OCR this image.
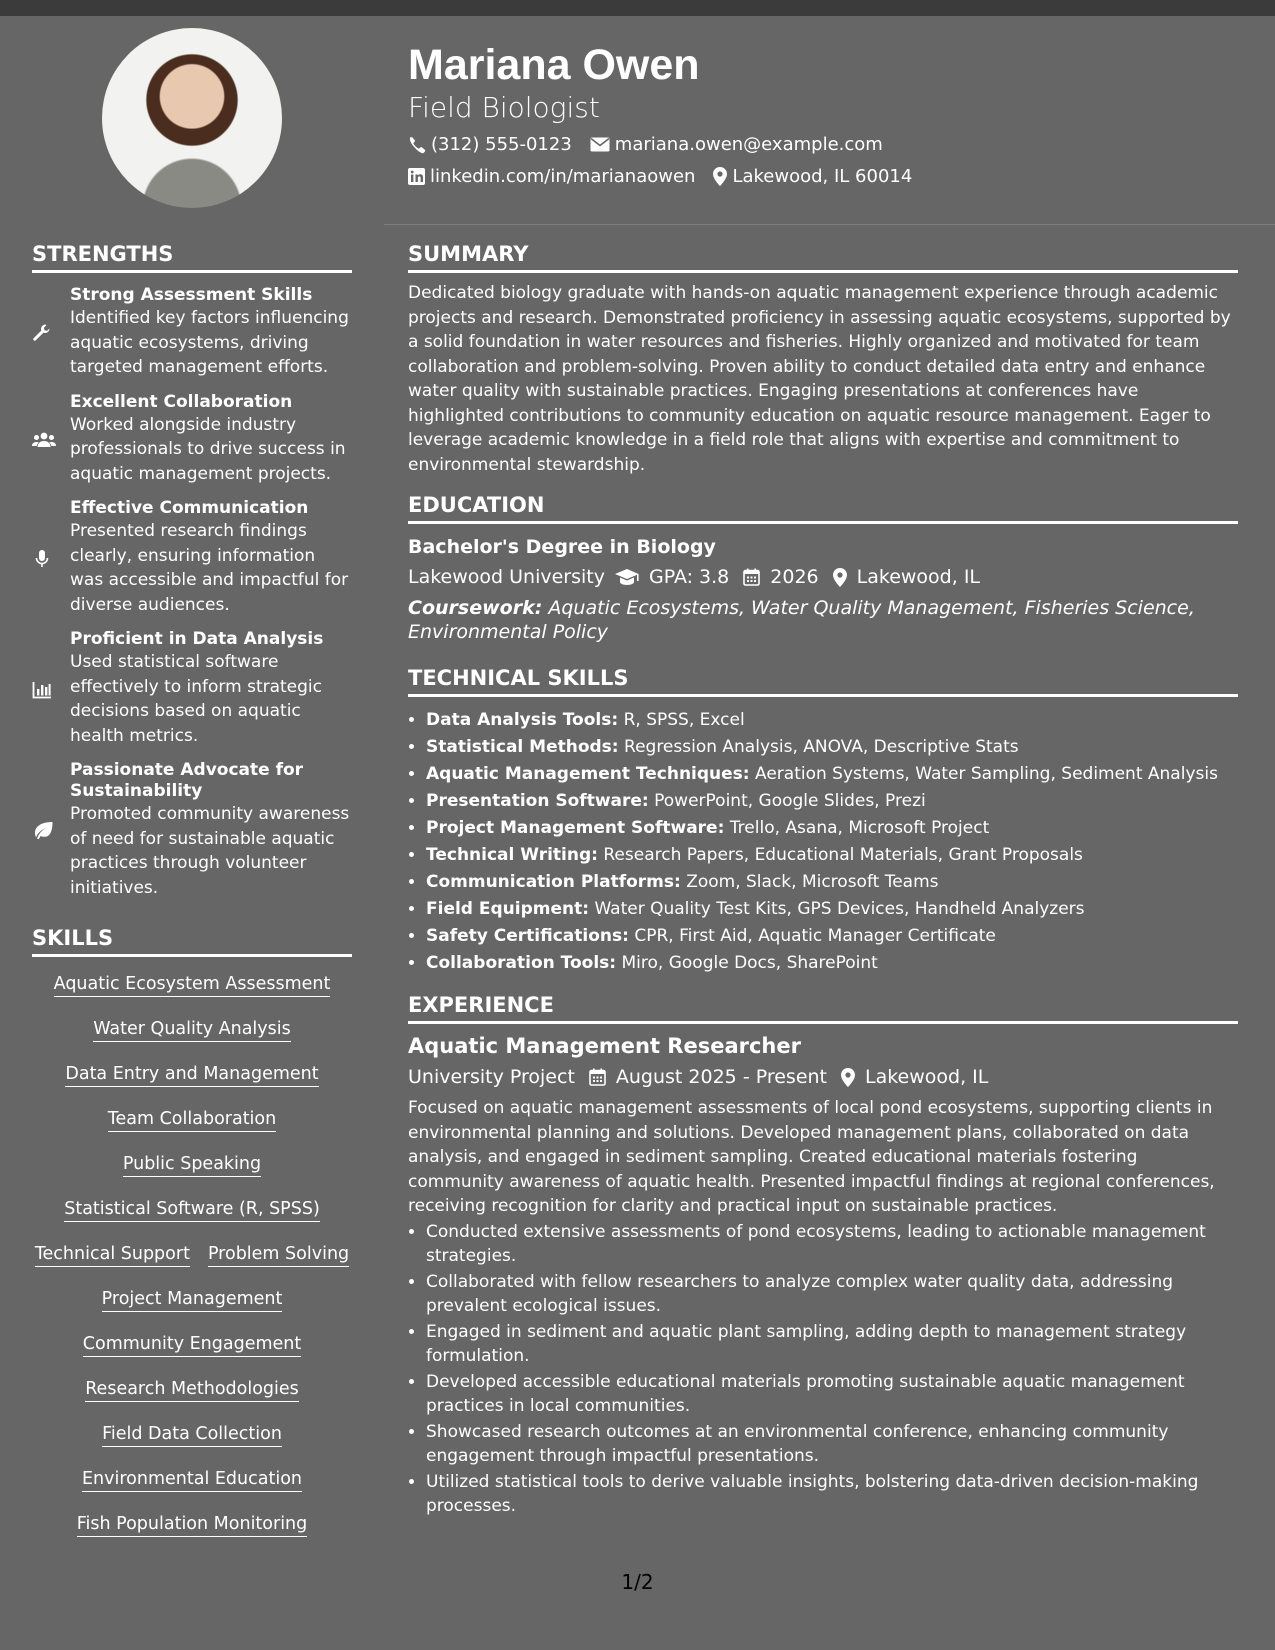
STRENGTHS
Strong Assessment Skills
Identified key factors influencing aquatic ecosystems, driving targeted management efforts.
Excellent Collaboration
Worked alongside industry professionals to drive success in aquatic management projects.
Effective Communication
Presented research findings clearly, ensuring information was accessible and impactful for diverse audiences.
Proficient in Data Analysis
Used statistical software effectively to inform strategic decisions based on aquatic health metrics.
Passionate Advocate for Sustainability
Promoted community awareness of need for sustainable aquatic practices through volunteer initiatives.
SKILLS
Aquatic Ecosystem Assessment
Water Quality Analysis
Data Entry and Management
Team Collaboration
Public Speaking
Statistical Software (R, SPSS)
Technical Support Problem Solving
Project Management
Community Engagement
Research Methodologies
Field Data Collection
Environmental Education
Fish Population Monitoring
Mariana Owen
Field Biologist
(312) 555-0123 mariana.owen@example.com
linkedin.com/in/marianaowen Lakewood, IL 60014
SUMMARY

Dedicated biology graduate with hands-on aquatic management experience through academic projects and research. Demonstrated proficiency in assessing aquatic ecosystems, supported by a solid foundation in water resources and fisheries. Highly organized and motivated for team collaboration and problem-solving. Proven ability to conduct detailed data entry and enhance water quality with sustainable practices. Engaging presentations at conferences have highlighted contributions to community education on aquatic resource management. Eager to leverage academic knowledge in a field role that aligns with expertise and commitment to environmental stewardship.

EDUCATION
Bachelor's Degree in Biology
Lakewood University GPA: 3.8 2026 Lakewood, IL
Coursework: Aquatic Ecosystems, Water Quality Management, Fisheries Science, Environmental Policy
TECHNICAL SKILLS
• Data Analysis Tools: R, SPSS, Excel
• Statistical Methods: Regression Analysis, ANOVA, Descriptive Stats
• Aquatic Management Techniques: Aeration Systems, Water Sampling, Sediment Analysis
• Presentation Software: PowerPoint, Google Slides, Prezi
• Project Management Software: Trello, Asana, Microsoft Project
• Technical Writing: Research Papers, Educational Materials, Grant Proposals
• Communication Platforms: Zoom, Slack, Microsoft Teams
• Field Equipment: Water Quality Test Kits, GPS Devices, Handheld Analyzers
• Safety Certifications: CPR, First Aid, Aquatic Manager Certificate
• Collaboration Tools: Miro, Google Docs, SharePoint
EXPERIENCE
Aquatic Management Researcher
University Project August 2025 - Present Lakewood, IL
Focused on aquatic management assessments of local pond ecosystems, supporting clients in environmental planning and solutions. Developed management plans, collaborated on data analysis, and engaged in sediment sampling. Created educational materials fostering community awareness of aquatic health. Presented impactful findings at regional conferences, receiving recognition for clarity and practical input on sustainable practices.
• Conducted extensive assessments of pond ecosystems, leading to actionable management strategies.
• Collaborated with fellow researchers to analyze complex water quality data, addressing prevalent ecological issues.
• Engaged in sediment and aquatic plant sampling, adding depth to management strategy formulation.
• Developed accessible educational materials promoting sustainable aquatic management practices in local communities.
• Showcased research outcomes at an environmental conference, enhancing community engagement through impactful presentations.
• Utilized statistical tools to derive valuable insights, bolstering data-driven decision-making processes.
1/2
